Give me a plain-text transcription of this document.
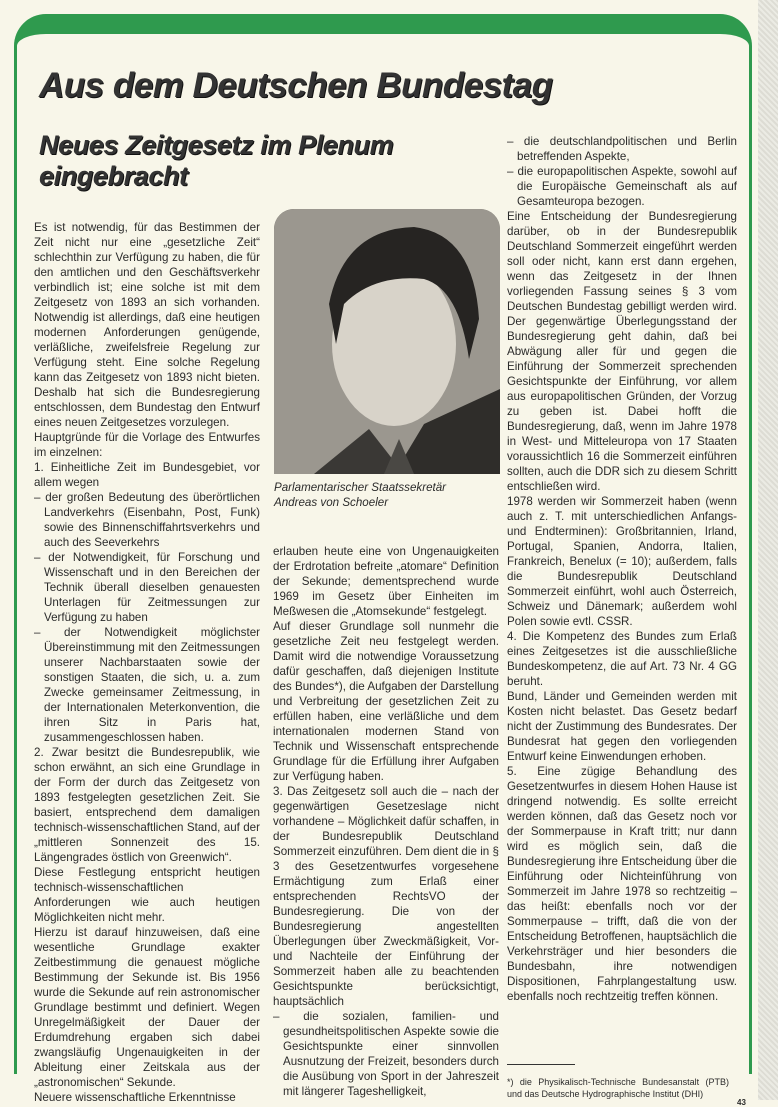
Aus dem Deutschen Bundestag
Neues Zeitgesetz im Plenum
eingebracht

Es ist notwendig, für das Bestimmen der Zeit nicht nur eine „gesetzliche Zeit“ schlechthin zur Verfügung zu haben, die für den amtlichen und den Geschäftsverkehr verbindlich ist; eine solche ist mit dem Zeitgesetz von 1893 an sich vorhanden. Notwendig ist allerdings, daß eine heutigen modernen Anforderungen genügende, verläßliche, zweifelsfreie Regelung zur Verfügung steht. Eine solche Regelung kann das Zeitgesetz von 1893 nicht bieten. Deshalb hat sich die Bundesregierung entschlossen, dem Bundestag den Entwurf eines neuen Zeitgesetzes vorzulegen.

Hauptgründe für die Vorlage des Entwurfes im einzelnen:

1. Einheitliche Zeit im Bundesgebiet, vor allem wegen

– der großen Bedeutung des überörtlichen Landverkehrs (Eisenbahn, Post, Funk) sowie des Binnenschiffahrtsverkehrs und auch des Seeverkehrs

– der Notwendigkeit, für Forschung und Wissenschaft und in den Bereichen der Technik überall dieselben genauesten Unterlagen für Zeitmessungen zur Verfügung zu haben

– der Notwendigkeit möglichster Übereinstimmung mit den Zeitmessungen unserer Nachbarstaaten sowie der sonstigen Staaten, die sich, u. a. zum Zwecke gemeinsamer Zeitmessung, in der Internationalen Meterkonvention, die ihren Sitz in Paris hat, zusammengeschlossen haben.

2. Zwar besitzt die Bundesrepublik, wie schon erwähnt, an sich eine Grundlage in der Form der durch das Zeitgesetz von 1893 festgelegten gesetzlichen Zeit. Sie basiert, entsprechend dem damaligen technisch-wissenschaftlichen Stand, auf der „mittleren Sonnenzeit des 15. Längengrades östlich von Greenwich“.

Diese Festlegung entspricht heutigen technisch-wissenschaftlichen Anforderungen wie auch heutigen Möglichkeiten nicht mehr.

Hierzu ist darauf hinzuweisen, daß eine wesentliche Grundlage exakter Zeitbestimmung die genauest mögliche Bestimmung der Sekunde ist. Bis 1956 wurde die Sekunde auf rein astronomischer Grundlage bestimmt und definiert. Wegen Unregelmäßigkeit der Dauer der Erdumdrehung ergaben sich dabei zwangsläufig Ungenauigkeiten in der Ableitung einer Zeitskala aus der „astronomischen“ Sekunde.

Neuere wissenschaftliche Erkenntnisse

Parlamentarischer Staatssekretär
Andreas von Schoeler

erlauben heute eine von Ungenauigkeiten der Erdrotation befreite „atomare“ Definition der Sekunde; dementsprechend wurde 1969 im Gesetz über Einheiten im Meßwesen die „Atomsekunde“ festgelegt.

Auf dieser Grundlage soll nunmehr die gesetzliche Zeit neu festgelegt werden. Damit wird die notwendige Voraussetzung dafür geschaffen, daß diejenigen Institute des Bundes*), die Aufgaben der Darstellung und Verbreitung der gesetzlichen Zeit zu erfüllen haben, eine verläßliche und dem internationalen modernen Stand von Technik und Wissenschaft entsprechende Grundlage für die Erfüllung ihrer Aufgaben zur Verfügung haben.

3. Das Zeitgesetz soll auch die – nach der gegenwärtigen Gesetzeslage nicht vorhandene – Möglichkeit dafür schaffen, in der Bundesrepublik Deutschland Sommerzeit einzuführen. Dem dient die in § 3 des Gesetzentwurfes vorgesehene Ermächtigung zum Erlaß einer entsprechenden RechtsVO der Bundesregierung. Die von der Bundesregierung angestellten Überlegungen über Zweckmäßigkeit, Vor- und Nachteile der Einführung der Sommerzeit haben alle zu beachtenden Gesichtspunkte berücksichtigt, hauptsächlich

– die sozialen, familien- und gesundheitspolitischen Aspekte sowie die Gesichtspunkte einer sinnvollen Ausnutzung der Freizeit, besonders durch die Ausübung von Sport in der Jahreszeit mit längerer Tageshelligkeit,

– die deutschlandpolitischen und Berlin betreffenden Aspekte,

– die europapolitischen Aspekte, sowohl auf die Europäische Gemeinschaft als auf Gesamteuropa bezogen.

Eine Entscheidung der Bundesregierung darüber, ob in der Bundesrepublik Deutschland Sommerzeit eingeführt werden soll oder nicht, kann erst dann ergehen, wenn das Zeitgesetz in der Ihnen vorliegenden Fassung seines § 3 vom Deutschen Bundestag gebilligt werden wird. Der gegenwärtige Überlegungsstand der Bundesregierung geht dahin, daß bei Abwägung aller für und gegen die Einführung der Sommerzeit sprechenden Gesichtspunkte der Einführung, vor allem aus europapolitischen Gründen, der Vorzug zu geben ist. Dabei hofft die Bundesregierung, daß, wenn im Jahre 1978 in West- und Mitteleuropa von 17 Staaten voraussichtlich 16 die Sommerzeit einführen sollten, auch die DDR sich zu diesem Schritt entschließen wird.

1978 werden wir Sommerzeit haben (wenn auch z. T. mit unterschiedlichen Anfangs- und Endterminen): Großbritannien, Irland, Portugal, Spanien, Andorra, Italien, Frankreich, Benelux (= 10); außerdem, falls die Bundesrepublik Deutschland Sommerzeit einführt, wohl auch Österreich, Schweiz und Dänemark; außerdem wohl Polen sowie evtl. CSSR.

4. Die Kompetenz des Bundes zum Erlaß eines Zeitgesetzes ist die ausschließliche Bundeskompetenz, die auf Art. 73 Nr. 4 GG beruht.

Bund, Länder und Gemeinden werden mit Kosten nicht belastet. Das Gesetz bedarf nicht der Zustimmung des Bundesrates. Der Bundesrat hat gegen den vorliegenden Entwurf keine Einwendungen erhoben.

5. Eine zügige Behandlung des Gesetzentwurfes in diesem Hohen Hause ist dringend notwendig. Es sollte erreicht werden können, daß das Gesetz noch vor der Sommerpause in Kraft tritt; nur dann wird es möglich sein, daß die Bundesregierung ihre Entscheidung über die Einführung oder Nichteinführung von Sommerzeit im Jahre 1978 so rechtzeitig – das heißt: ebenfalls noch vor der Sommerpause – trifft, daß die von der Entscheidung Betroffenen, hauptsächlich die Verkehrsträger und hier besonders die Bundesbahn, ihre notwendigen Dispositionen, Fahrplangestaltung usw. ebenfalls noch rechtzeitig treffen können.

*) die Physikalisch-Technische Bundesanstalt (PTB) und das Deutsche Hydrographische Institut (DHI)
43
